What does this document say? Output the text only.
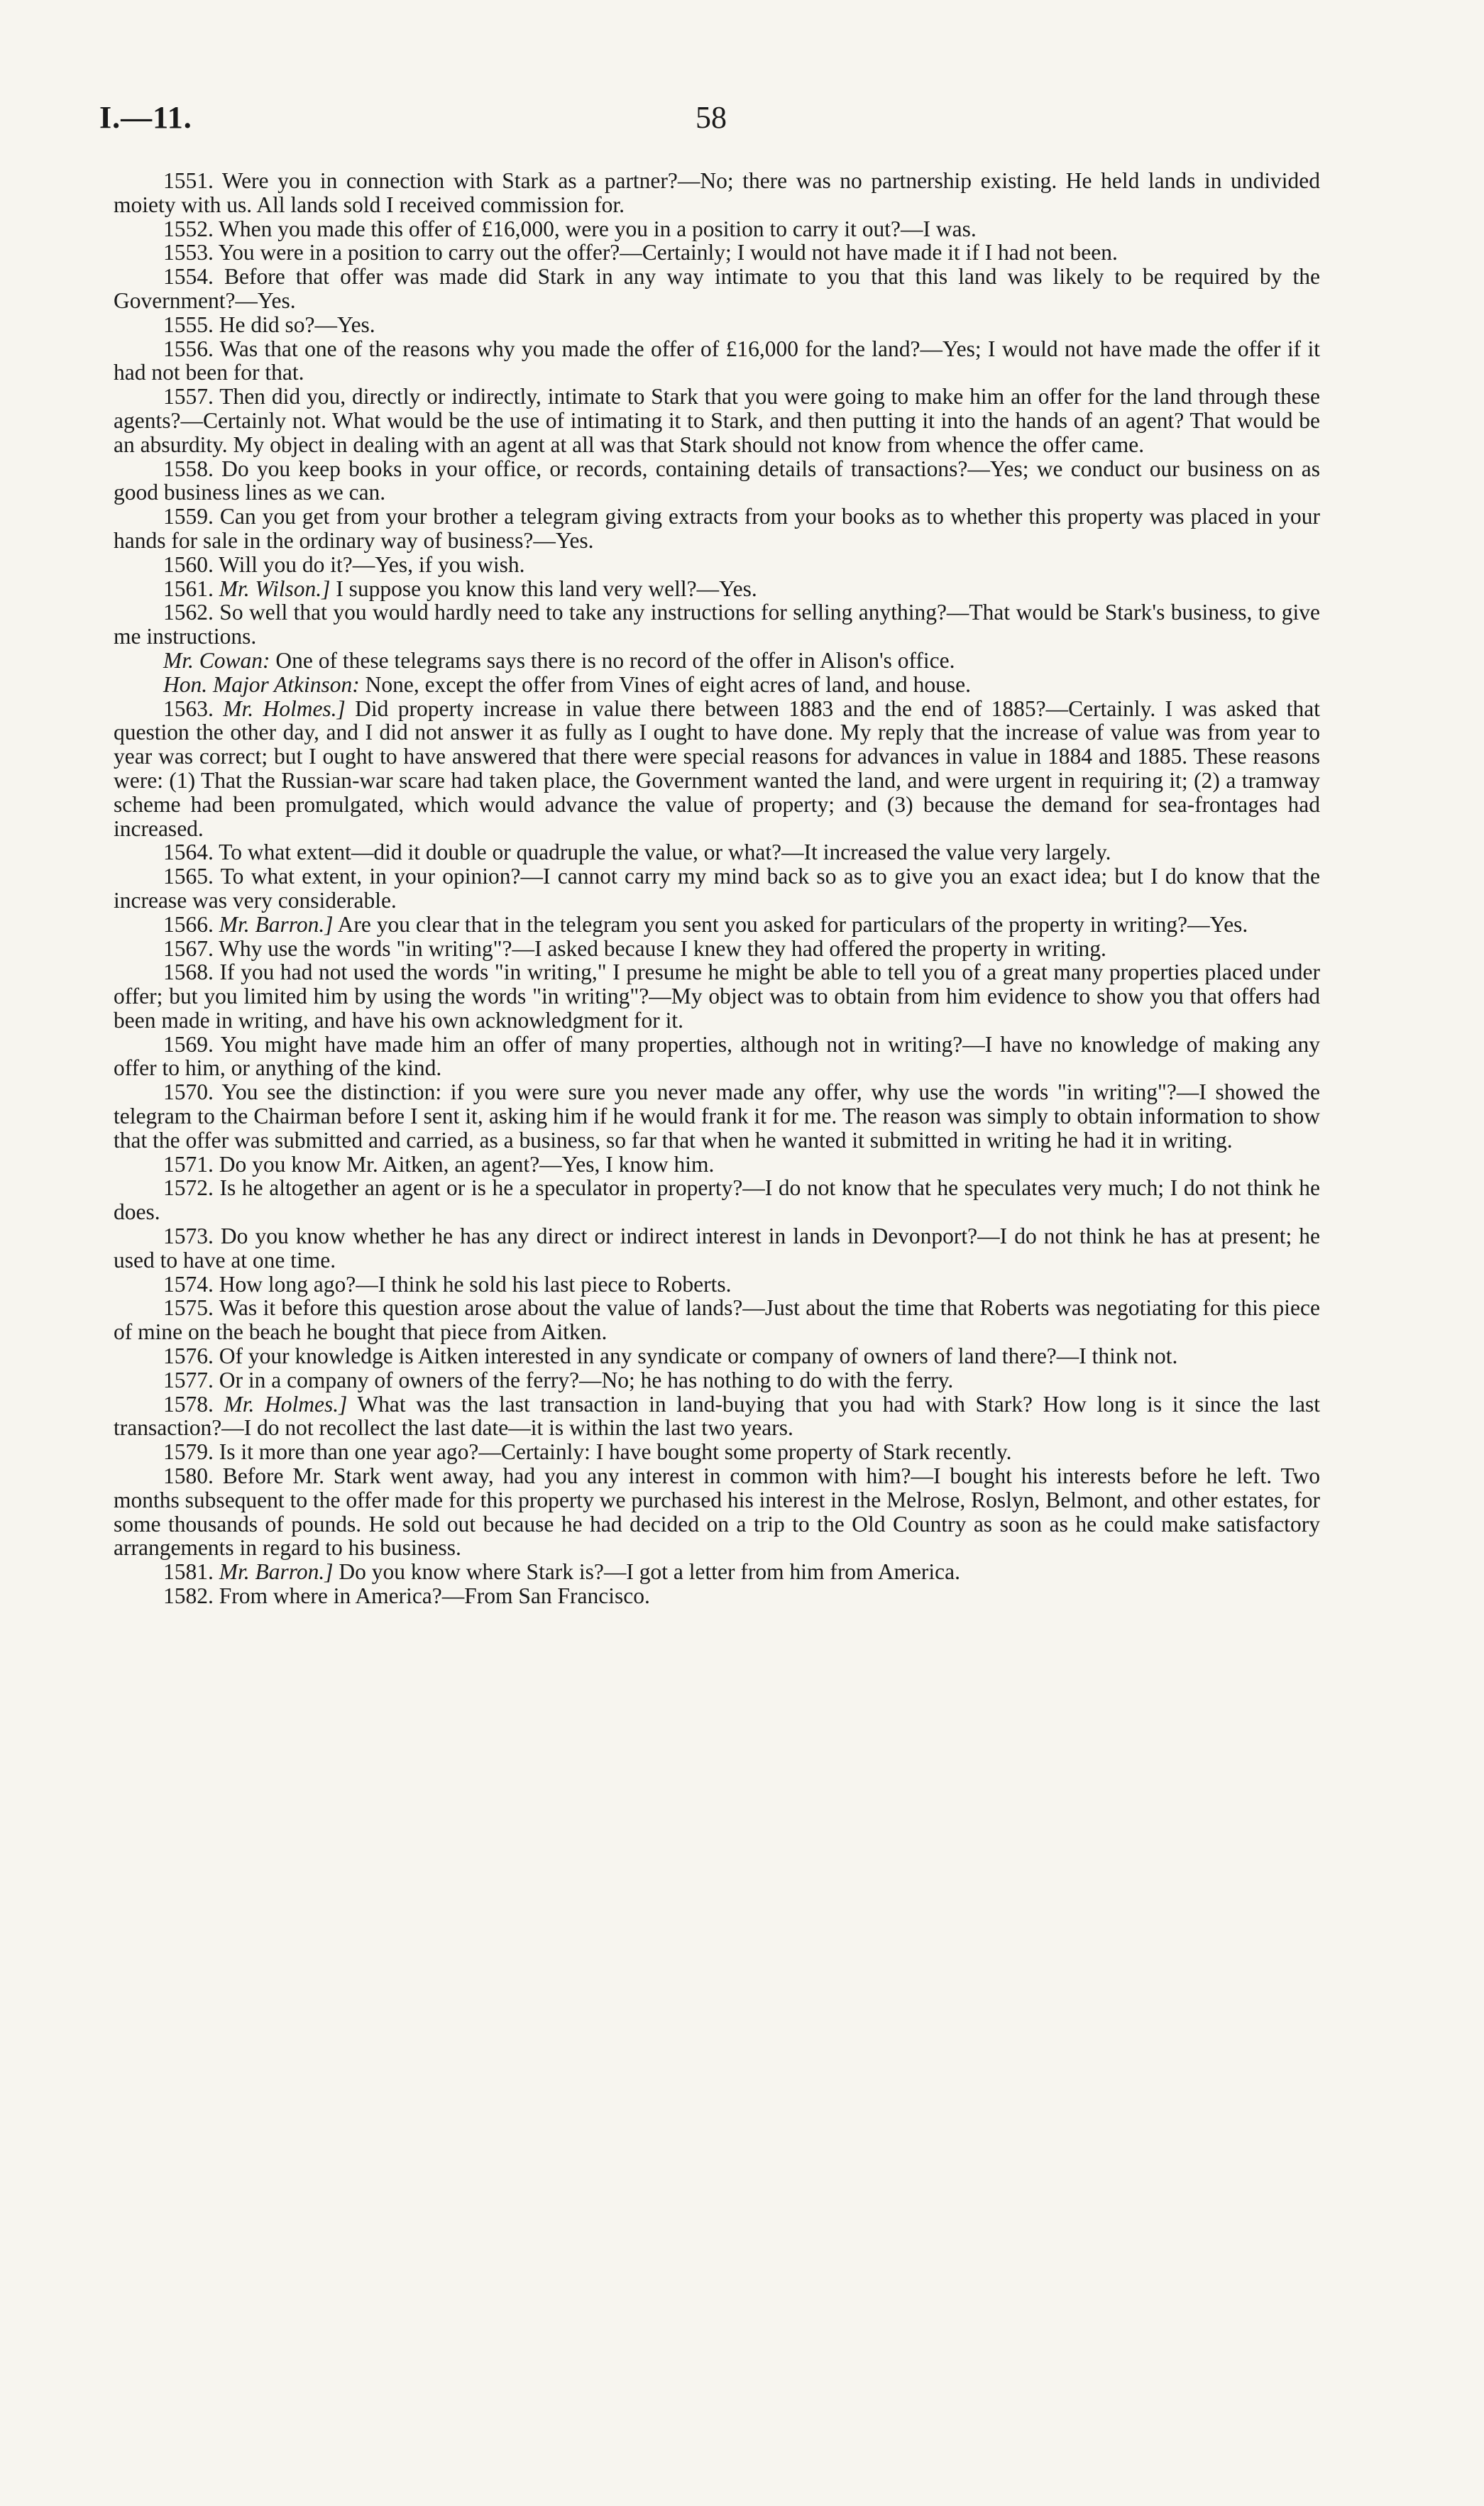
I.—11.	58

1551. Were you in connection with Stark as a partner?—No; there was no partnership existing. He held lands in undivided moiety with us. All lands sold I received commission for.

1552. When you made this offer of £16,000, were you in a position to carry it out?—I was.

1553. You were in a position to carry out the offer?—Certainly; I would not have made it if I had not been.

1554. Before that offer was made did Stark in any way intimate to you that this land was likely to be required by the Government?—Yes.

1555. He did so?—Yes.

1556. Was that one of the reasons why you made the offer of £16,000 for the land?—Yes; I would not have made the offer if it had not been for that.

1557. Then did you, directly or indirectly, intimate to Stark that you were going to make him an offer for the land through these agents?—Certainly not. What would be the use of intimating it to Stark, and then putting it into the hands of an agent? That would be an absurdity. My object in dealing with an agent at all was that Stark should not know from whence the offer came.

1558. Do you keep books in your office, or records, containing details of transactions?—Yes; we conduct our business on as good business lines as we can.

1559. Can you get from your brother a telegram giving extracts from your books as to whether this property was placed in your hands for sale in the ordinary way of business?—Yes.

1560. Will you do it?—Yes, if you wish.

1561. Mr. Wilson.] I suppose you know this land very well?—Yes.

1562. So well that you would hardly need to take any instructions for selling anything?—That would be Stark's business, to give me instructions.

Mr. Cowan: One of these telegrams says there is no record of the offer in Alison's office.

Hon. Major Atkinson: None, except the offer from Vines of eight acres of land, and house.

1563. Mr. Holmes.] Did property increase in value there between 1883 and the end of 1885?—Certainly. I was asked that question the other day, and I did not answer it as fully as I ought to have done. My reply that the increase of value was from year to year was correct; but I ought to have answered that there were special reasons for advances in value in 1884 and 1885. These reasons were: (1) That the Russian-war scare had taken place, the Government wanted the land, and were urgent in requiring it; (2) a tramway scheme had been promulgated, which would advance the value of property; and (3) because the demand for sea-frontages had increased.

1564. To what extent—did it double or quadruple the value, or what?—It increased the value very largely.

1565. To what extent, in your opinion?—I cannot carry my mind back so as to give you an exact idea; but I do know that the increase was very considerable.

1566. Mr. Barron.] Are you clear that in the telegram you sent you asked for particulars of the property in writing?—Yes.

1567. Why use the words "in writing"?—I asked because I knew they had offered the property in writing.

1568. If you had not used the words "in writing," I presume he might be able to tell you of a great many properties placed under offer; but you limited him by using the words "in writing"?—My object was to obtain from him evidence to show you that offers had been made in writing, and have his own acknowledgment for it.

1569. You might have made him an offer of many properties, although not in writing?—I have no knowledge of making any offer to him, or anything of the kind.

1570. You see the distinction: if you were sure you never made any offer, why use the words "in writing"?—I showed the telegram to the Chairman before I sent it, asking him if he would frank it for me. The reason was simply to obtain information to show that the offer was submitted and carried, as a business, so far that when he wanted it submitted in writing he had it in writing.

1571. Do you know Mr. Aitken, an agent?—Yes, I know him.

1572. Is he altogether an agent or is he a speculator in property?—I do not know that he speculates very much; I do not think he does.

1573. Do you know whether he has any direct or indirect interest in lands in Devonport?—I do not think he has at present; he used to have at one time.

1574. How long ago?—I think he sold his last piece to Roberts.

1575. Was it before this question arose about the value of lands?—Just about the time that Roberts was negotiating for this piece of mine on the beach he bought that piece from Aitken.

1576. Of your knowledge is Aitken interested in any syndicate or company of owners of land there?—I think not.

1577. Or in a company of owners of the ferry?—No; he has nothing to do with the ferry.

1578. Mr. Holmes.] What was the last transaction in land-buying that you had with Stark? How long is it since the last transaction?—I do not recollect the last date—it is within the last two years.

1579. Is it more than one year ago?—Certainly: I have bought some property of Stark recently.

1580. Before Mr. Stark went away, had you any interest in common with him?—I bought his interests before he left. Two months subsequent to the offer made for this property we purchased his interest in the Melrose, Roslyn, Belmont, and other estates, for some thousands of pounds. He sold out because he had decided on a trip to the Old Country as soon as he could make satisfactory arrangements in regard to his business.

1581. Mr. Barron.] Do you know where Stark is?—I got a letter from him from America.

1582. From where in America?—From San Francisco.
